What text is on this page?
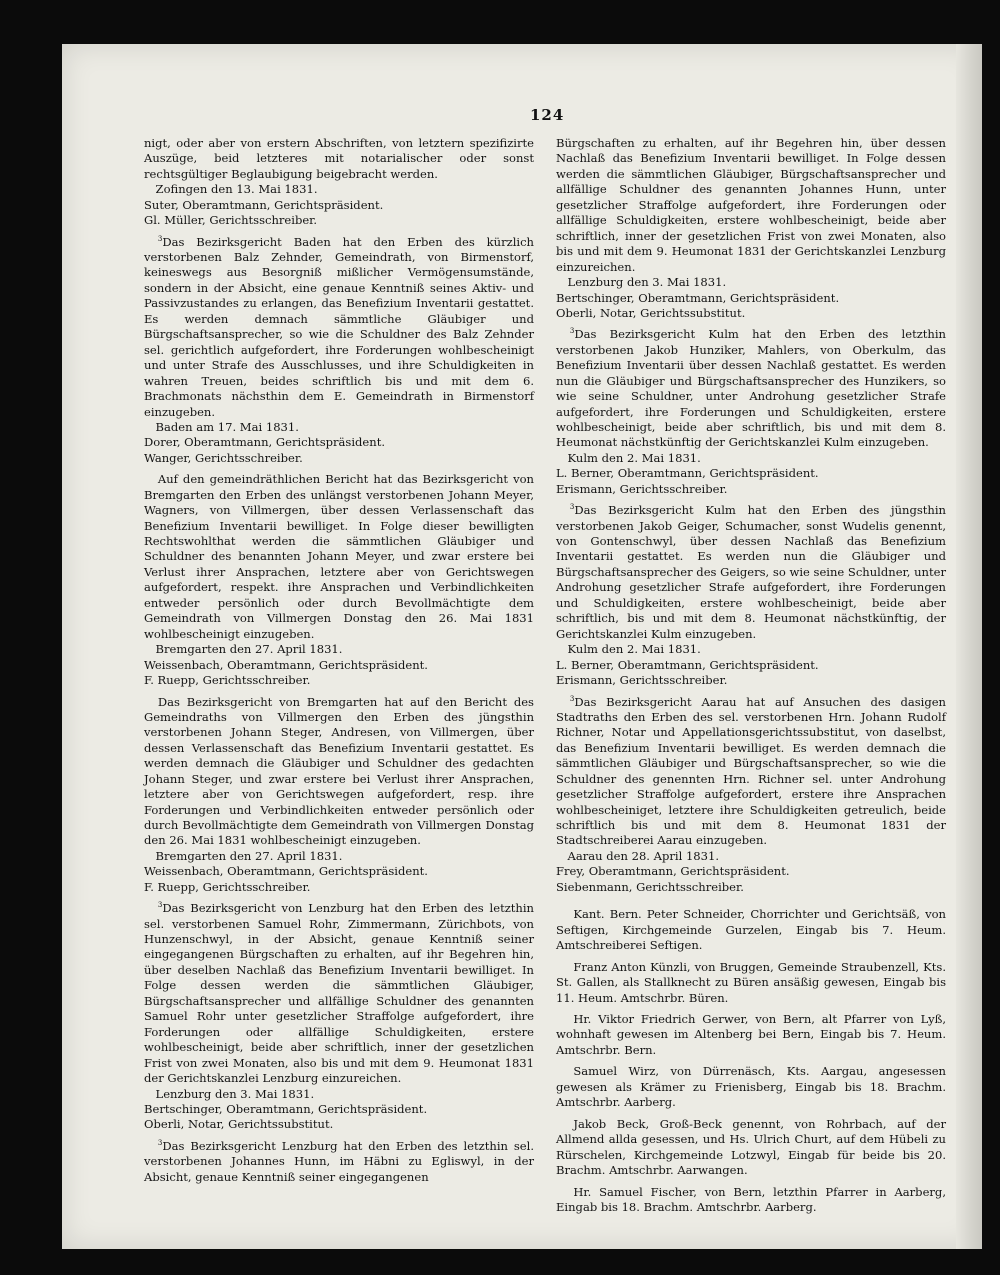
124

nigt, oder aber von erstern Abschriften, von letztern spezifizirte Auszüge, beid letzteres mit notarialischer oder sonst rechtsgültiger Beglaubigung beigebracht werden.

Zofingen den 13. Mai 1831.

Suter, Oberamtmann, Gerichtspräsident.

Gl. Müller, Gerichtsschreiber.

$^3$Das Bezirksgericht Baden hat den Erben des kürzlich verstorbenen Balz Zehnder, Gemeindrath, von Birmenstorf, keineswegs aus Besorgniß mißlicher Vermögensumstände, sondern in der Absicht, eine genaue Kenntniß seines Aktiv- und Passivzustandes zu erlangen, das Benefizium Inventarii gestattet. Es werden demnach sämmtliche Gläubiger und Bürgschaftsansprecher, so wie die Schuldner des Balz Zehnder sel. gerichtlich aufgefordert, ihre Forderungen wohlbescheinigt und unter Strafe des Ausschlusses, und ihre Schuldigkeiten in wahren Treuen, beides schriftlich bis und mit dem 6. Brachmonats nächsthin dem E. Gemeindrath in Birmenstorf einzugeben.

Baden am 17. Mai 1831.

Dorer, Oberamtmann, Gerichtspräsident.

Wanger, Gerichtsschreiber.

Auf den gemeindräthlichen Bericht hat das Bezirksgericht von Bremgarten den Erben des unlängst verstorbenen Johann Meyer, Wagners, von Villmergen, über dessen Verlassenschaft das Benefizium Inventarii bewilliget. In Folge dieser bewilligten Rechtswohlthat werden die sämmtlichen Gläubiger und Schuldner des benannten Johann Meyer, und zwar erstere bei Verlust ihrer Ansprachen, letztere aber von Gerichtswegen aufgefordert, respekt. ihre Ansprachen und Verbindlichkeiten entweder persönlich oder durch Bevollmächtigte dem Gemeindrath von Villmergen Donstag den 26. Mai 1831 wohlbescheinigt einzugeben.

Bremgarten den 27. April 1831.

Weissenbach, Oberamtmann, Gerichtspräsident.

F. Ruepp, Gerichtsschreiber.

Das Bezirksgericht von Bremgarten hat auf den Bericht des Gemeindraths von Villmergen den Erben des jüngsthin verstorbenen Johann Steger, Andresen, von Villmergen, über dessen Verlassenschaft das Benefizium Inventarii gestattet. Es werden demnach die Gläubiger und Schuldner des gedachten Johann Steger, und zwar erstere bei Verlust ihrer Ansprachen, letztere aber von Gerichtswegen aufgefordert, resp. ihre Forderungen und Verbindlichkeiten entweder persönlich oder durch Bevollmächtigte dem Gemeindrath von Villmergen Donstag den 26. Mai 1831 wohlbescheinigt einzugeben.

Bremgarten den 27. April 1831.

Weissenbach, Oberamtmann, Gerichtspräsident.

F. Ruepp, Gerichtsschreiber.

$^3$Das Bezirksgericht von Lenzburg hat den Erben des letzthin sel. verstorbenen Samuel Rohr, Zimmermann, Zürichbots, von Hunzenschwyl, in der Absicht, genaue Kenntniß seiner eingegangenen Bürgschaften zu erhalten, auf ihr Begehren hin, über deselben Nachlaß das Benefizium Inventarii bewilliget. In Folge dessen werden die sämmtlichen Gläubiger, Bürgschaftsansprecher und allfällige Schuldner des genannten Samuel Rohr unter gesetzlicher Straffolge aufgefordert, ihre Forderungen oder allfällige Schuldigkeiten, erstere wohlbescheinigt, beide aber schriftlich, inner der gesetzlichen Frist von zwei Monaten, also bis und mit dem 9. Heumonat 1831 der Gerichtskanzlei Lenzburg einzureichen.

Lenzburg den 3. Mai 1831.

Bertschinger, Oberamtmann, Gerichtspräsident.

Oberli, Notar, Gerichtssubstitut.

$^3$Das Bezirksgericht Lenzburg hat den Erben des letzthin sel. verstorbenen Johannes Hunn, im Häbni zu Egliswyl, in der Absicht, genaue Kenntniß seiner eingegangenen

Bürgschaften zu erhalten, auf ihr Begehren hin, über dessen Nachlaß das Benefizium Inventarii bewilliget. In Folge dessen werden die sämmtlichen Gläubiger, Bürgschaftsansprecher und allfällige Schuldner des genannten Johannes Hunn, unter gesetzlicher Straffolge aufgefordert, ihre Forderungen oder allfällige Schuldigkeiten, erstere wohlbescheinigt, beide aber schriftlich, inner der gesetzlichen Frist von zwei Monaten, also bis und mit dem 9. Heumonat 1831 der Gerichtskanzlei Lenzburg einzureichen.

Lenzburg den 3. Mai 1831.

Bertschinger, Oberamtmann, Gerichtspräsident.

Oberli, Notar, Gerichtssubstitut.

$^3$Das Bezirksgericht Kulm hat den Erben des letzthin verstorbenen Jakob Hunziker, Mahlers, von Oberkulm, das Benefizium Inventarii über dessen Nachlaß gestattet. Es werden nun die Gläubiger und Bürgschaftsansprecher des Hunzikers, so wie seine Schuldner, unter Androhung gesetzlicher Strafe aufgefordert, ihre Forderungen und Schuldigkeiten, erstere wohlbescheinigt, beide aber schriftlich, bis und mit dem 8. Heumonat nächstkünftig der Gerichtskanzlei Kulm einzugeben.

Kulm den 2. Mai 1831.

L. Berner, Oberamtmann, Gerichtspräsident.

Erismann, Gerichtsschreiber.

$^3$Das Bezirksgericht Kulm hat den Erben des jüngsthin verstorbenen Jakob Geiger, Schumacher, sonst Wudelis genennt, von Gontenschwyl, über dessen Nachlaß das Benefizium Inventarii gestattet. Es werden nun die Gläubiger und Bürgschaftsansprecher des Geigers, so wie seine Schuldner, unter Androhung gesetzlicher Strafe aufgefordert, ihre Forderungen und Schuldigkeiten, erstere wohlbescheinigt, beide aber schriftlich, bis und mit dem 8. Heumonat nächstkünftig, der Gerichtskanzlei Kulm einzugeben.

Kulm den 2. Mai 1831.

L. Berner, Oberamtmann, Gerichtspräsident.

Erismann, Gerichtsschreiber.

$^3$Das Bezirksgericht Aarau hat auf Ansuchen des dasigen Stadtraths den Erben des sel. verstorbenen Hrn. Johann Rudolf Richner, Notar und Appellationsgerichtssubstitut, von daselbst, das Benefizium Inventarii bewilliget. Es werden demnach die sämmtlichen Gläubiger und Bürgschaftsansprecher, so wie die Schuldner des genennten Hrn. Richner sel. unter Androhung gesetzlicher Straffolge aufgefordert, erstere ihre Ansprachen wohlbescheiniget, letztere ihre Schuldigkeiten getreulich, beide schriftlich bis und mit dem 8. Heumonat 1831 der Stadtschreiberei Aarau einzugeben.

Aarau den 28. April 1831.

Frey, Oberamtmann, Gerichtspräsident.

Siebenmann, Gerichtsschreiber.

Kant. Bern. Peter Schneider, Chorrichter und Gerichtsäß, von Seftigen, Kirchgemeinde Gurzelen, Eingab bis 7. Heum. Amtschreiberei Seftigen.

Franz Anton Künzli, von Bruggen, Gemeinde Straubenzell, Kts. St. Gallen, als Stallknecht zu Büren ansäßig gewesen, Eingab bis 11. Heum. Amtschrbr. Büren.

Hr. Viktor Friedrich Gerwer, von Bern, alt Pfarrer von Lyß, wohnhaft gewesen im Altenberg bei Bern, Eingab bis 7. Heum. Amtschrbr. Bern.

Samuel Wirz, von Dürrenäsch, Kts. Aargau, angesessen gewesen als Krämer zu Frienisberg, Eingab bis 18. Brachm. Amtschrbr. Aarberg.

Jakob Beck, Groß-Beck genennt, von Rohrbach, auf der Allmend allda gesessen, und Hs. Ulrich Churt, auf dem Hübeli zu Rürschelen, Kirchgemeinde Lotzwyl, Eingab für beide bis 20. Brachm. Amtschrbr. Aarwangen.

Hr. Samuel Fischer, von Bern, letzthin Pfarrer in Aarberg, Eingab bis 18. Brachm. Amtschrbr. Aarberg.
